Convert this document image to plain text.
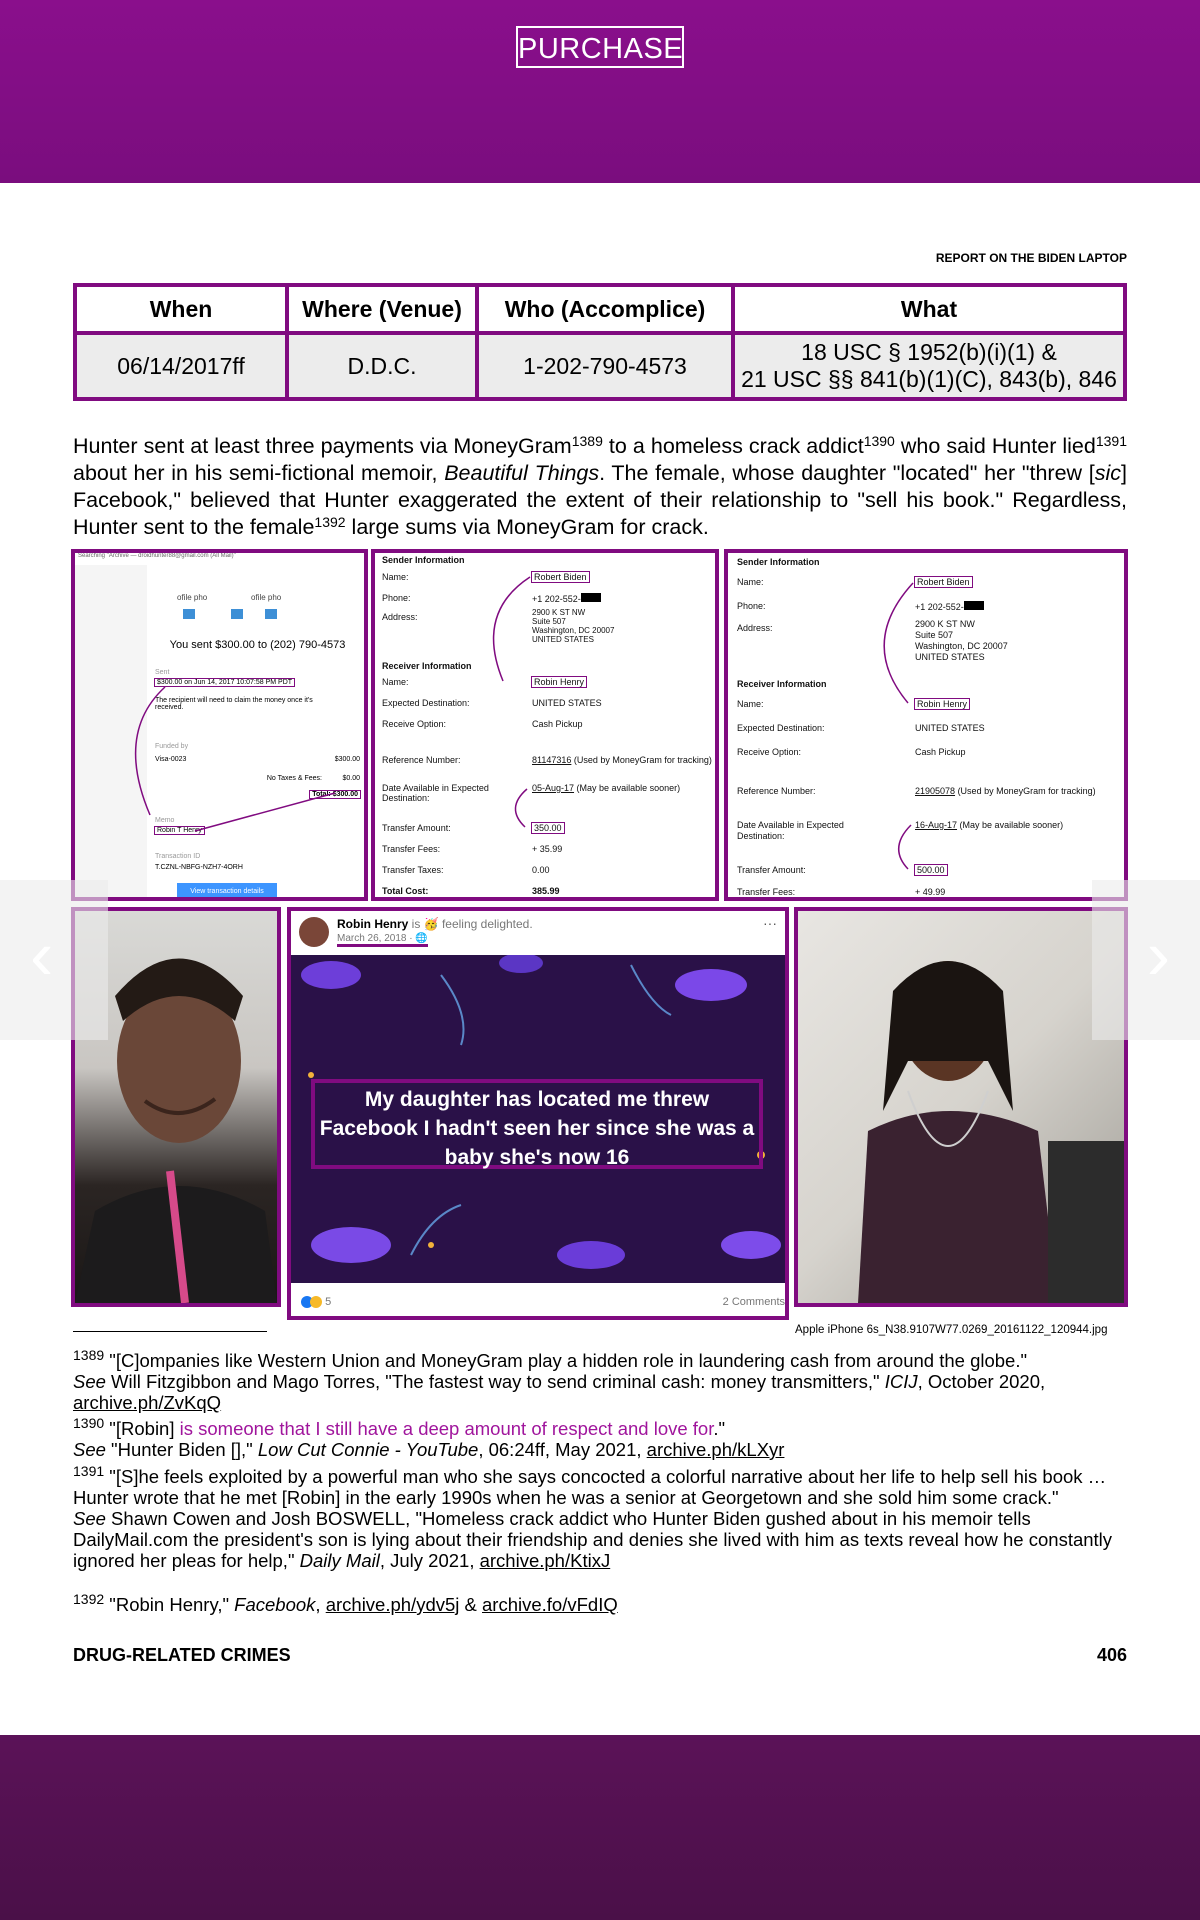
PURCHASE
REPORT ON THE BIDEN LAPTOP
When	Where (Venue)	Who (Accomplice)	What
06/14/2017ff	D.D.C.	1-202-790-4573	18 USC § 1952(b)(i)(1) &
21 USC §§ 841(b)(1)(C), 843(b), 846
Hunter sent at least three payments via MoneyGram$^{1389}$ to a homeless crack addict$^{1390}$ who said Hunter lied$^{1391}$ about her in his semi-fictional memoir, Beautiful Things. The female, whose daughter "located" her "threw [sic] Facebook," believed that Hunter exaggerated the extent of their relationship to "sell his book." Regardless, Hunter sent to the female$^{1392}$ large sums via MoneyGram for crack.
Searching "Archive — droidhunter88@gmail.com (All Mail)"
ofile pho	ofile pho
You sent $300.00 to (202) 790-4573
Sent
$300.00 on Jun 14, 2017 10:07:58 PM PDT
The recipient will need to claim the money once it's received.
Funded by
Visa-0023	$300.00
No Taxes & Fees:	$0.00
Total: $300.00
Memo
Robin T Henry
Transaction ID
T.CZNL-NBFG-NZH7-4ORH
View transaction details
Sender Information
Name:	Robert Biden
Phone:	+1 202-552-
Address:	2900 K ST NW
Suite 507
Washington, DC 20007
UNITED STATES
Receiver Information
Name:	Robin Henry
Expected Destination:	UNITED STATES
Receive Option:	Cash Pickup
Reference Number:	81147316 (Used by MoneyGram for tracking)
Date Available in Expected Destination:
05-Aug-17 (May be available sooner)
Transfer Amount:	350.00
Transfer Fees:	+ 35.99
Transfer Taxes:	0.00
Total Cost:	385.99
Sender Information
Name:	Robert Biden
Phone:	+1 202-552-
Address:	2900 K ST NW
Suite 507
Washington, DC 20007
UNITED STATES
Receiver Information
Name:	Robin Henry
Expected Destination:	UNITED STATES
Receive Option:	Cash Pickup
Reference Number:	21905078 (Used by MoneyGram for tracking)
Date Available in Expected Destination:
16-Aug-17 (May be available sooner)
Transfer Amount:	500.00
Transfer Fees:	+ 49.99
Robin Henry is 🥳 feeling delighted.
March 26, 2018 · 🌐
···
My daughter has located me threw Facebook I hadn't seen her since she was a baby she's now 16
5	2 Comments
Apple iPhone 6s_N38.9107W77.0269_20161122_120944.jpg
$^{1389}$ "[C]ompanies like Western Union and MoneyGram play a hidden role in laundering cash from around the globe."
See Will Fitzgibbon and Mago Torres, "The fastest way to send criminal cash: money transmitters," ICIJ, October 2020, archive.ph/ZvKqQ
$^{1390}$ "[Robin] is someone that I still have a deep amount of respect and love for."
See "Hunter Biden []," Low Cut Connie - YouTube, 06:24ff, May 2021, archive.ph/kLXyr
$^{1391}$ "[S]he feels exploited by a powerful man who she says concocted a colorful narrative about her life to help sell his book … Hunter wrote that he met [Robin] in the early 1990s when he was a senior at Georgetown and she sold him some crack."
See Shawn Cowen and Josh BOSWELL, "Homeless crack addict who Hunter Biden gushed about in his memoir tells DailyMail.com the president's son is lying about their friendship and denies she lived with him as texts reveal how he constantly ignored her pleas for help," Daily Mail, July 2021, archive.ph/KtixJ
$^{1392}$ "Robin Henry," Facebook, archive.ph/ydv5j & archive.fo/vFdIQ
DRUG-RELATED CRIMES	406
‹	›
